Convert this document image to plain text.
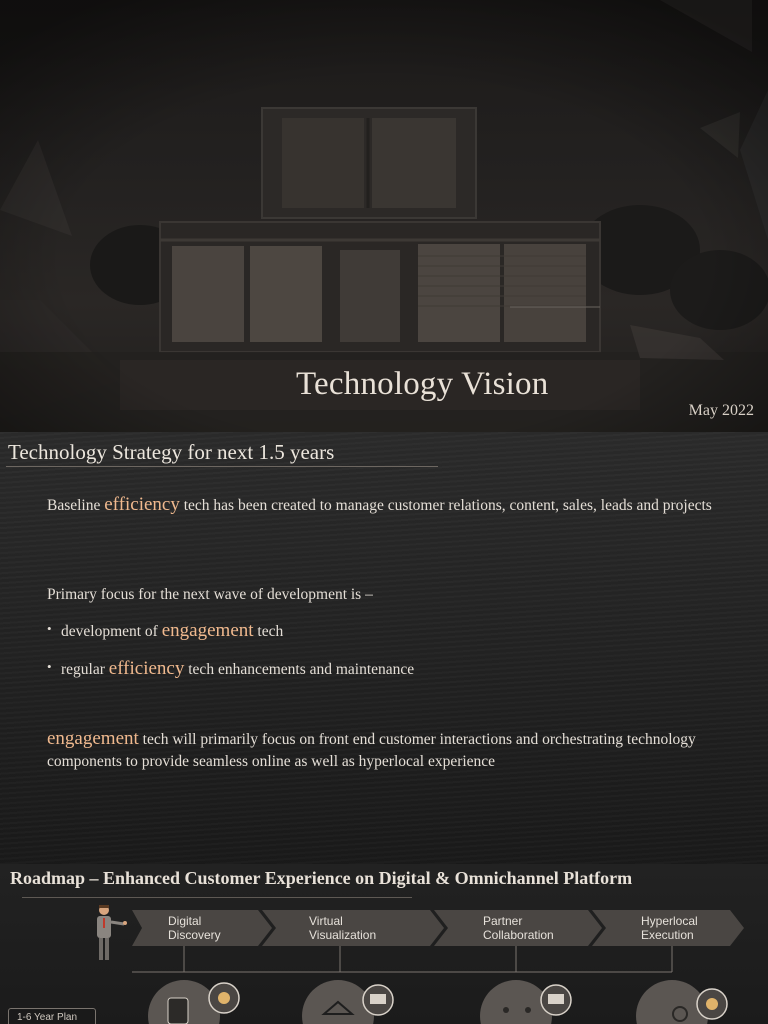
Technology Vision
May 2022
Technology Strategy for next 1.5 years
Baseline efficiency tech has been created to manage customer relations, content, sales, leads and projects
Primary focus for the next wave of development is –
• development of engagement tech
• regular efficiency tech enhancements and maintenance
engagement tech will primarily focus on front end customer interactions and orchestrating technology components to provide seamless online as well as hyperlocal experience
Roadmap – Enhanced Customer Experience on Digital & Omnichannel Platform
Digital
Discovery
Virtual
Visualization
Partner
Collaboration
Hyperlocal
Execution
1-6 Year Plan
